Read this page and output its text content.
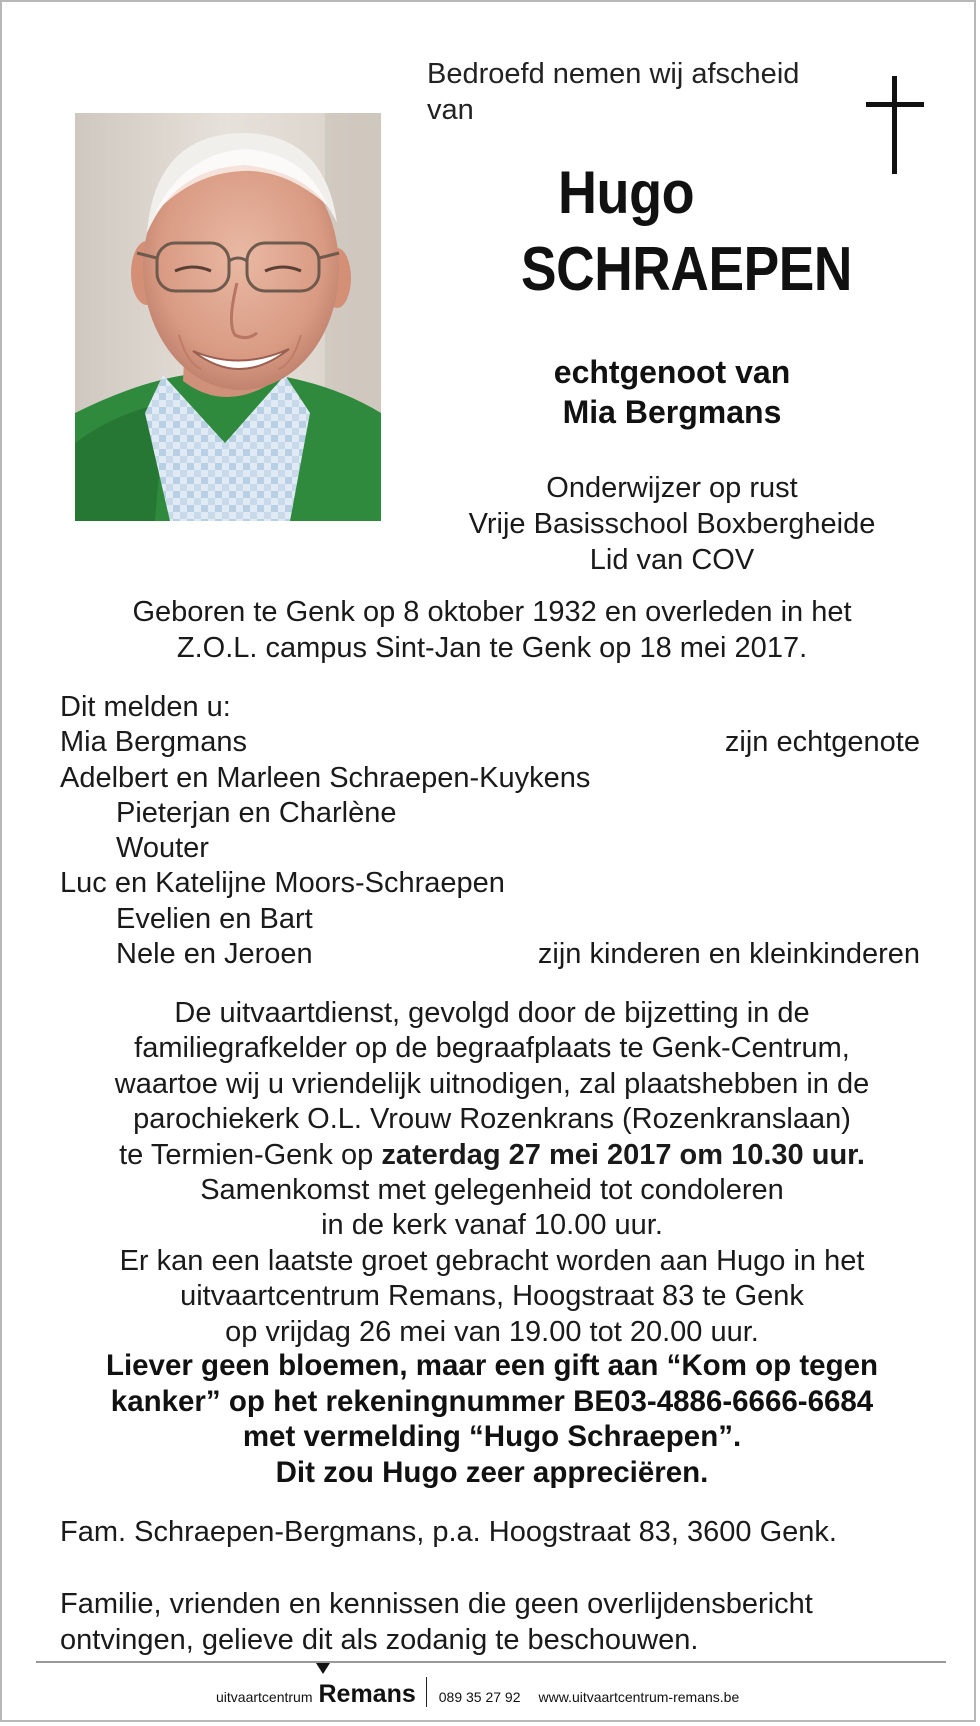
Bedroefd nemen wij afscheid van
Hugo
SCHRAEPEN
echtgenoot van
Mia Bergmans
Onderwijzer op rust
Vrije Basisschool Boxbergheide
Lid van COV
Geboren te Genk op 8 oktober 1932 en overleden in het
Z.O.L. campus Sint-Jan te Genk op 18 mei 2017.
Dit melden u:
Mia Bergmans	zijn echtgenote
Adelbert en Marleen Schraepen-Kuykens
Pieterjan en Charlène
Wouter
Luc en Katelijne Moors-Schraepen
Evelien en Bart
Nele en Jeroen	zijn kinderen en kleinkinderen

De uitvaartdienst, gevolgd door de bijzetting in de

familiegrafkelder op de begraafplaats te Genk-Centrum,

waartoe wij u vriendelijk uitnodigen, zal plaatshebben in de

parochiekerk O.L. Vrouw Rozenkrans (Rozenkranslaan)

te Termien-Genk op zaterdag 27 mei 2017 om 10.30 uur.

Samenkomst met gelegenheid tot condoleren

in de kerk vanaf 10.00 uur.

Er kan een laatste groet gebracht worden aan Hugo in het

uitvaartcentrum Remans, Hoogstraat 83 te Genk

op vrijdag 26 mei van 19.00 tot 20.00 uur.

Liever geen bloemen, maar een gift aan “Kom op tegen

kanker” op het rekeningnummer BE03-4886-6666-6684

met vermelding “Hugo Schraepen”.

Dit zou Hugo zeer appreciëren.

Fam. Schraepen-Bergmans, p.a. Hoogstraat 83, 3600 Genk.
Familie, vrienden en kennissen die geen overlijdensbericht
ontvingen, gelieve dit als zodanig te beschouwen.
uitvaartcentrum Remans 089 35 27 92 www.uitvaartcentrum-remans.be
